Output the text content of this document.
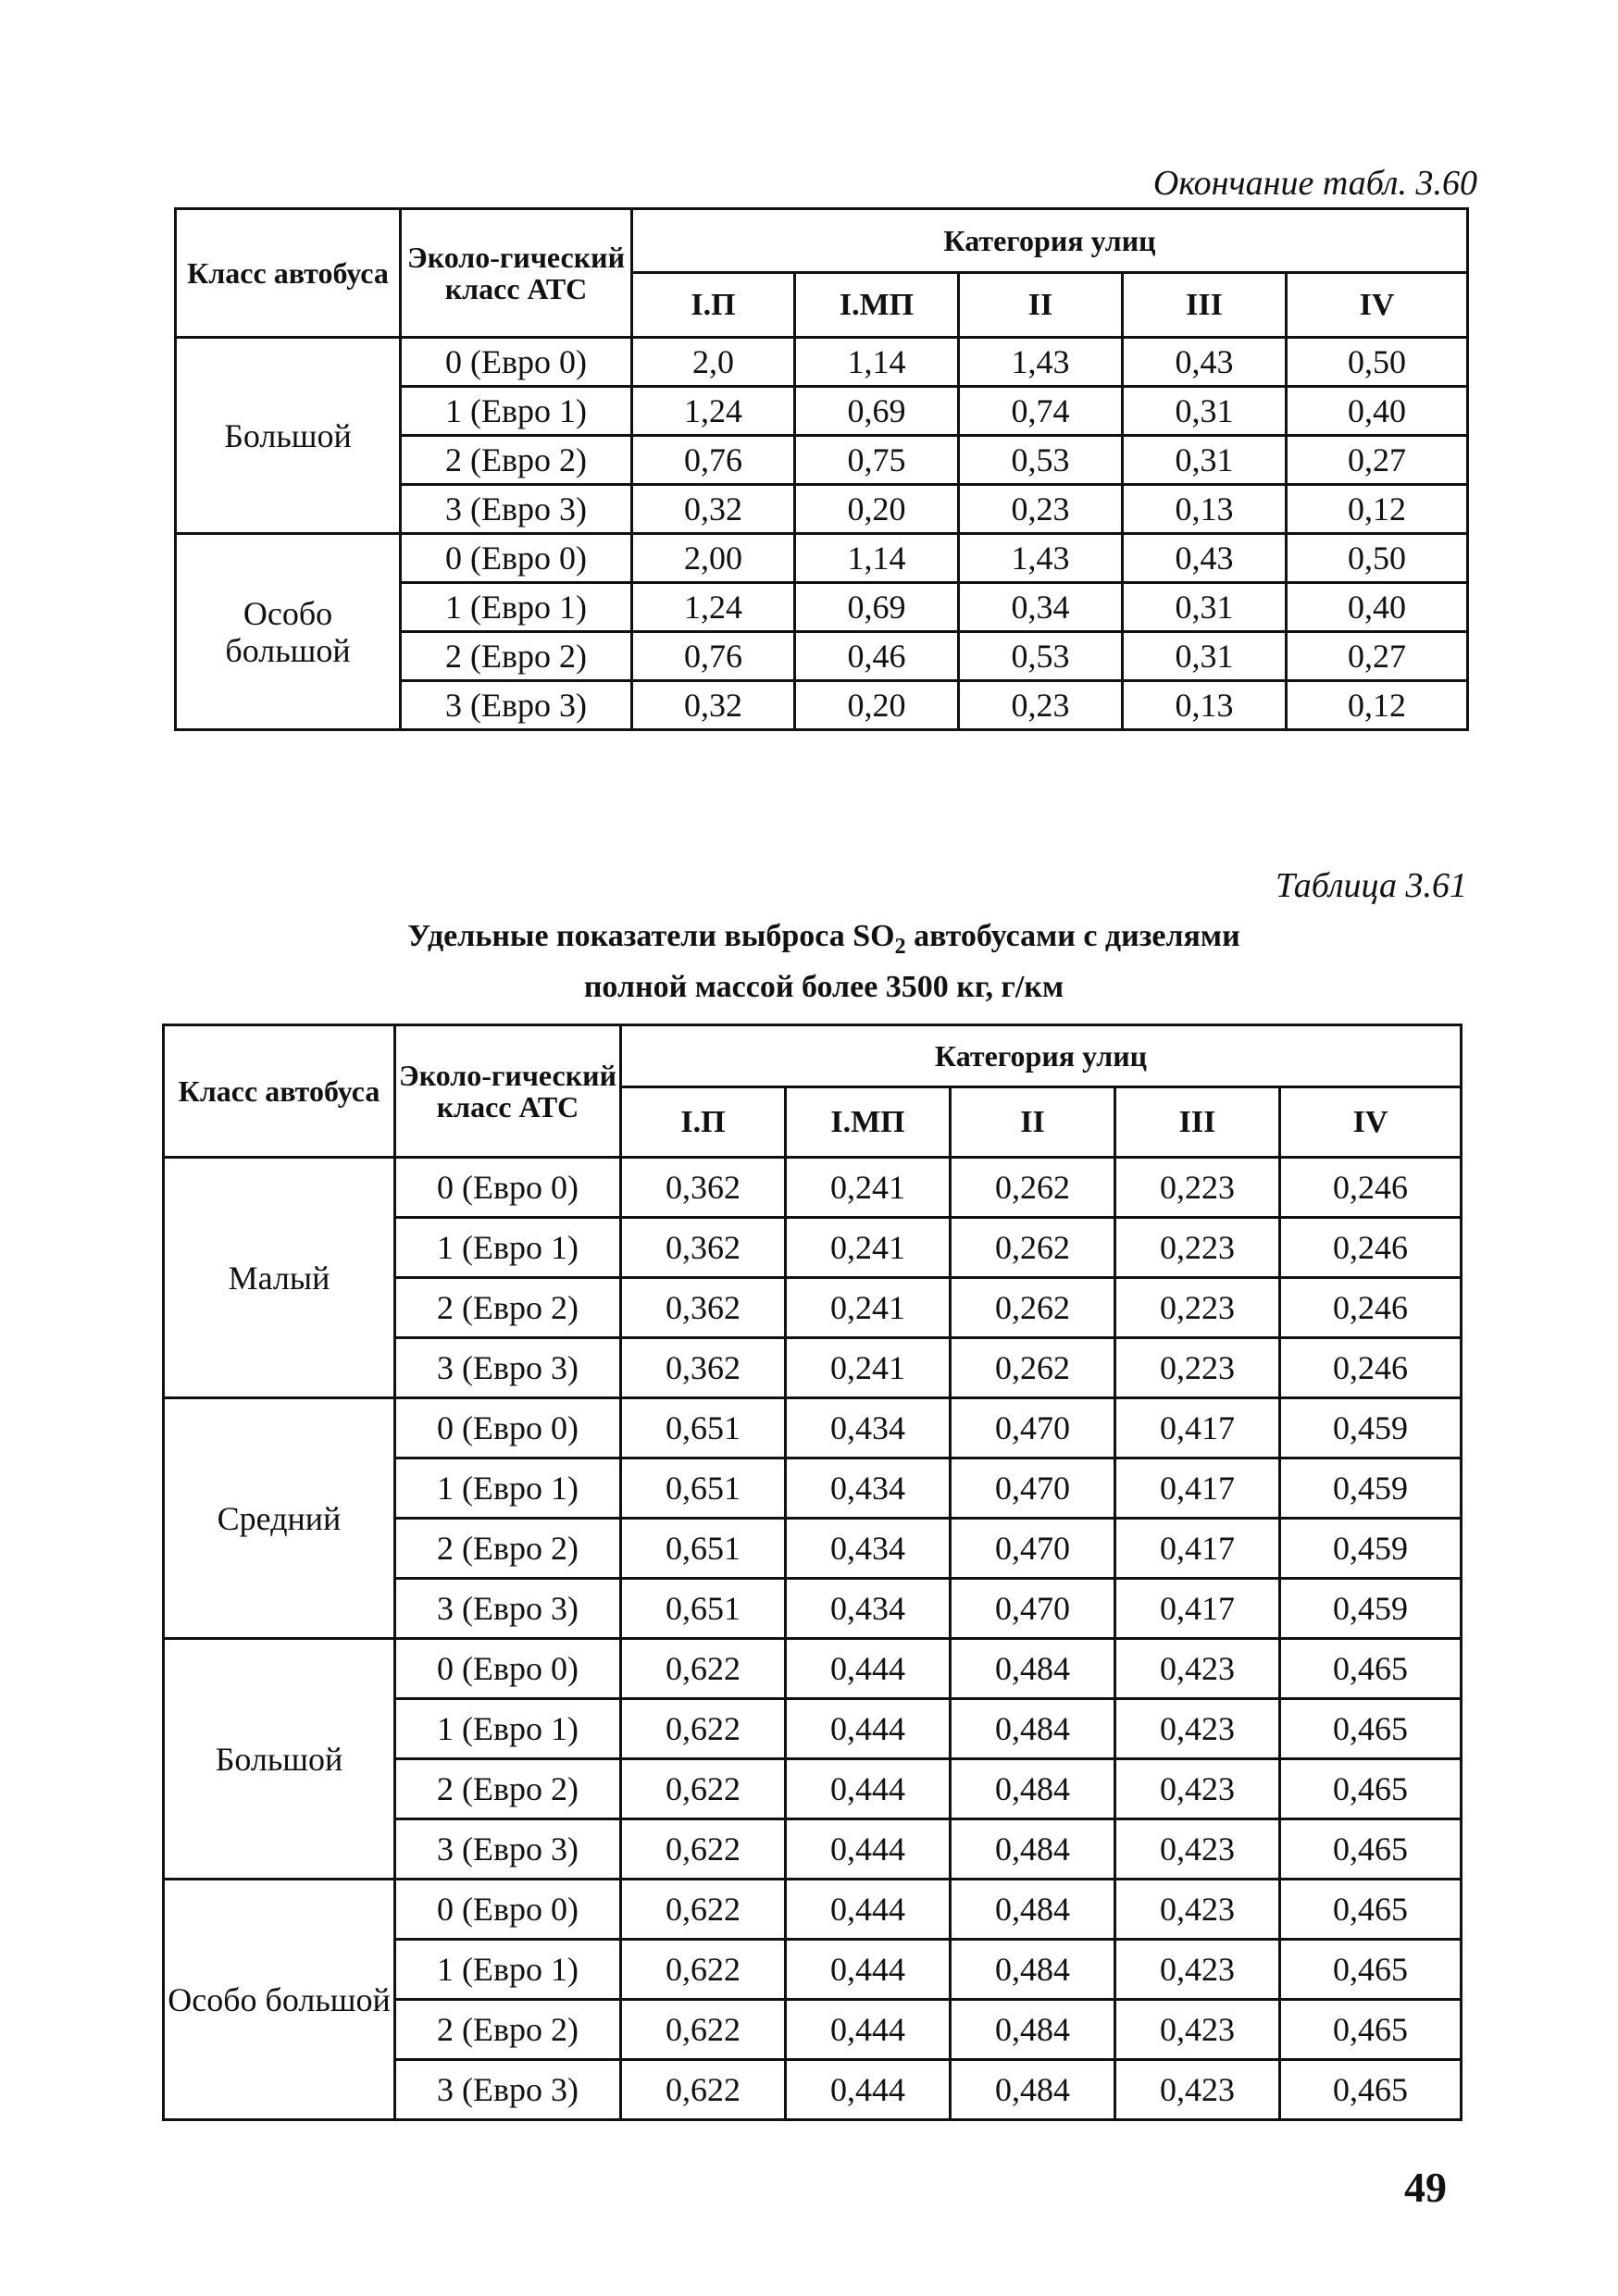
Окончание табл. 3.60
Класс автобуса	Эколо-гический класс АТС	Категория улиц				
		I.П	I.МП	II	III	IV
Большой	0 (Евро 0)	2,0	1,14	1,43	0,43	0,50
	1 (Евро 1)	1,24	0,69	0,74	0,31	0,40
	2 (Евро 2)	0,76	0,75	0,53	0,31	0,27
	3 (Евро 3)	0,32	0,20	0,23	0,13	0,12
Особо большой	0 (Евро 0)	2,00	1,14	1,43	0,43	0,50
	1 (Евро 1)	1,24	0,69	0,34	0,31	0,40
	2 (Евро 2)	0,76	0,46	0,53	0,31	0,27
	3 (Евро 3)	0,32	0,20	0,23	0,13	0,12
Таблица 3.61
Удельные показатели выброса $SO_2$ автобусами с дизелями
полной массой более 3500 кг, г/км
Класс автобуса	Эколо-гический класс АТС	Категория улиц				
		I.П	I.МП	II	III	IV
Малый	0 (Евро 0)	0,362	0,241	0,262	0,223	0,246
	1 (Евро 1)	0,362	0,241	0,262	0,223	0,246
	2 (Евро 2)	0,362	0,241	0,262	0,223	0,246
	3 (Евро 3)	0,362	0,241	0,262	0,223	0,246
Средний	0 (Евро 0)	0,651	0,434	0,470	0,417	0,459
	1 (Евро 1)	0,651	0,434	0,470	0,417	0,459
	2 (Евро 2)	0,651	0,434	0,470	0,417	0,459
	3 (Евро 3)	0,651	0,434	0,470	0,417	0,459
Большой	0 (Евро 0)	0,622	0,444	0,484	0,423	0,465
	1 (Евро 1)	0,622	0,444	0,484	0,423	0,465
	2 (Евро 2)	0,622	0,444	0,484	0,423	0,465
	3 (Евро 3)	0,622	0,444	0,484	0,423	0,465
Особо большой	0 (Евро 0)	0,622	0,444	0,484	0,423	0,465
	1 (Евро 1)	0,622	0,444	0,484	0,423	0,465
	2 (Евро 2)	0,622	0,444	0,484	0,423	0,465
	3 (Евро 3)	0,622	0,444	0,484	0,423	0,465
49
